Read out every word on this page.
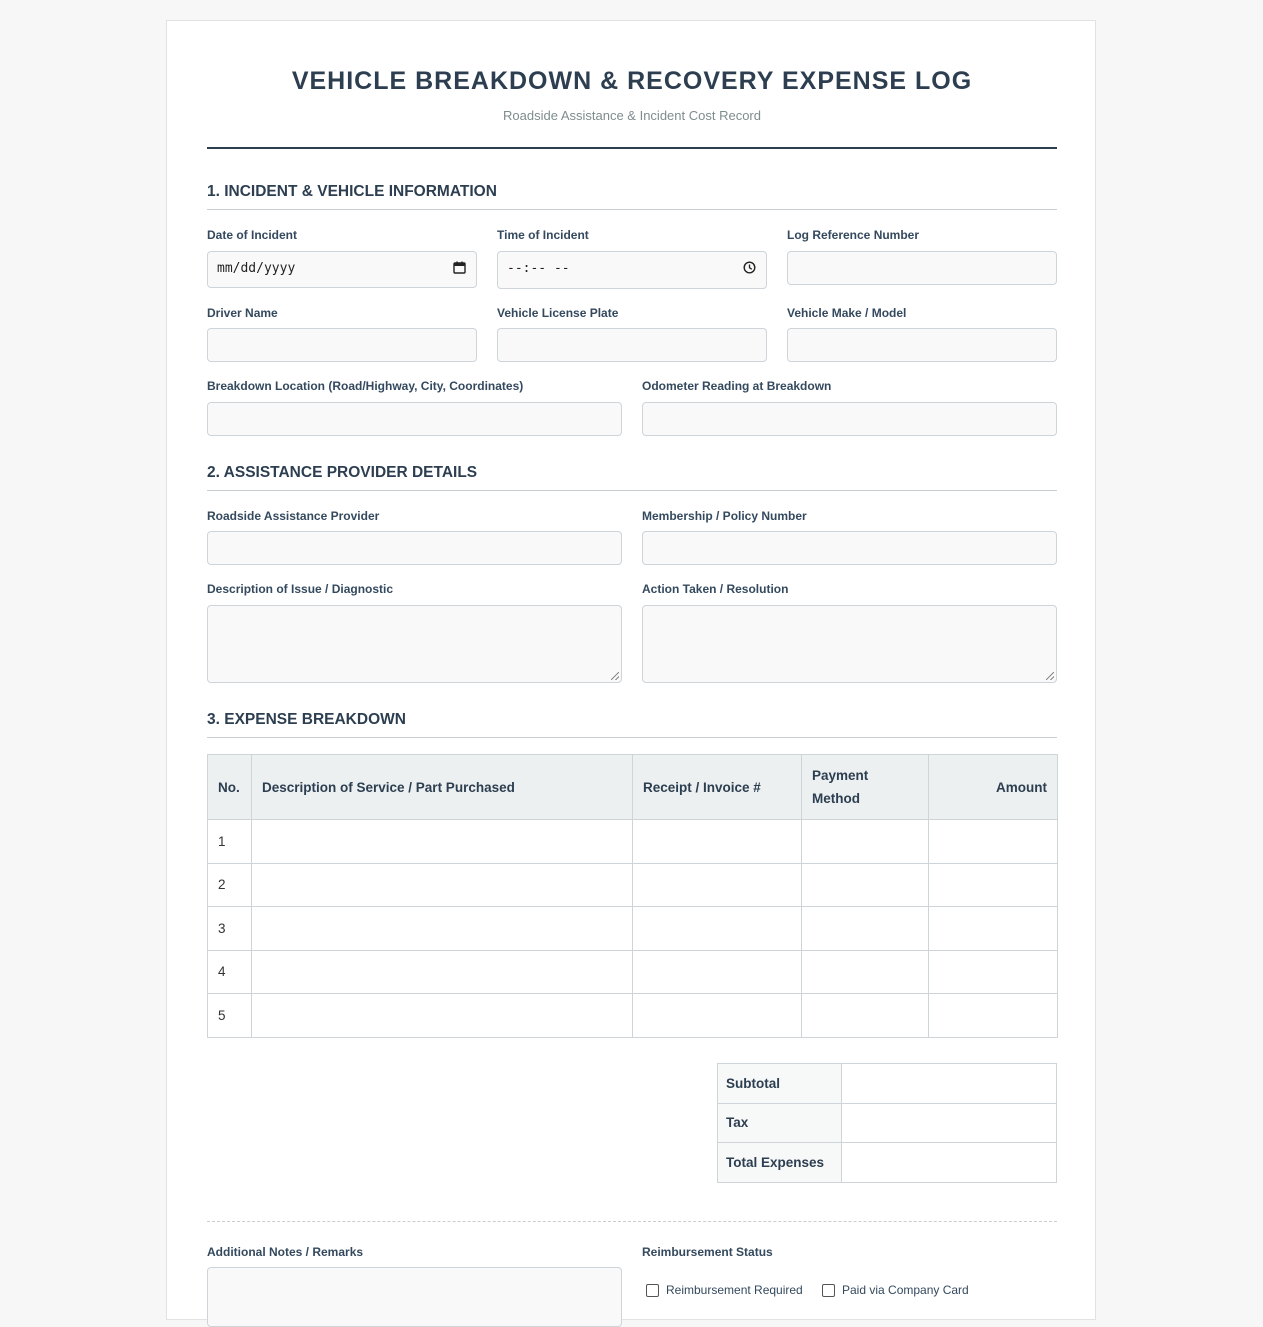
VEHICLE BREAKDOWN & RECOVERY EXPENSE LOG
Roadside Assistance & Incident Cost Record
1. INCIDENT & VEHICLE INFORMATION
Date of Incident
mm/dd/yyyy
Time of Incident
--:-- --
Log Reference Number
Driver Name	Vehicle License Plate	Vehicle Make / Model
Breakdown Location (Road/Highway, City, Coordinates)	Odometer Reading at Breakdown
2. ASSISTANCE PROVIDER DETAILS
Roadside Assistance Provider	Membership / Policy Number
Description of Issue / Diagnostic	Action Taken / Resolution
3. EXPENSE BREAKDOWN
No.	Description of Service / Part Purchased	Receipt / Invoice #	Payment Method	Amount
1				
2				
3				
4				
5				
Subtotal	
Tax	
Total Expenses	
Additional Notes / Remarks	Reimbursement Status
Reimbursement Required	Paid via Company Card
